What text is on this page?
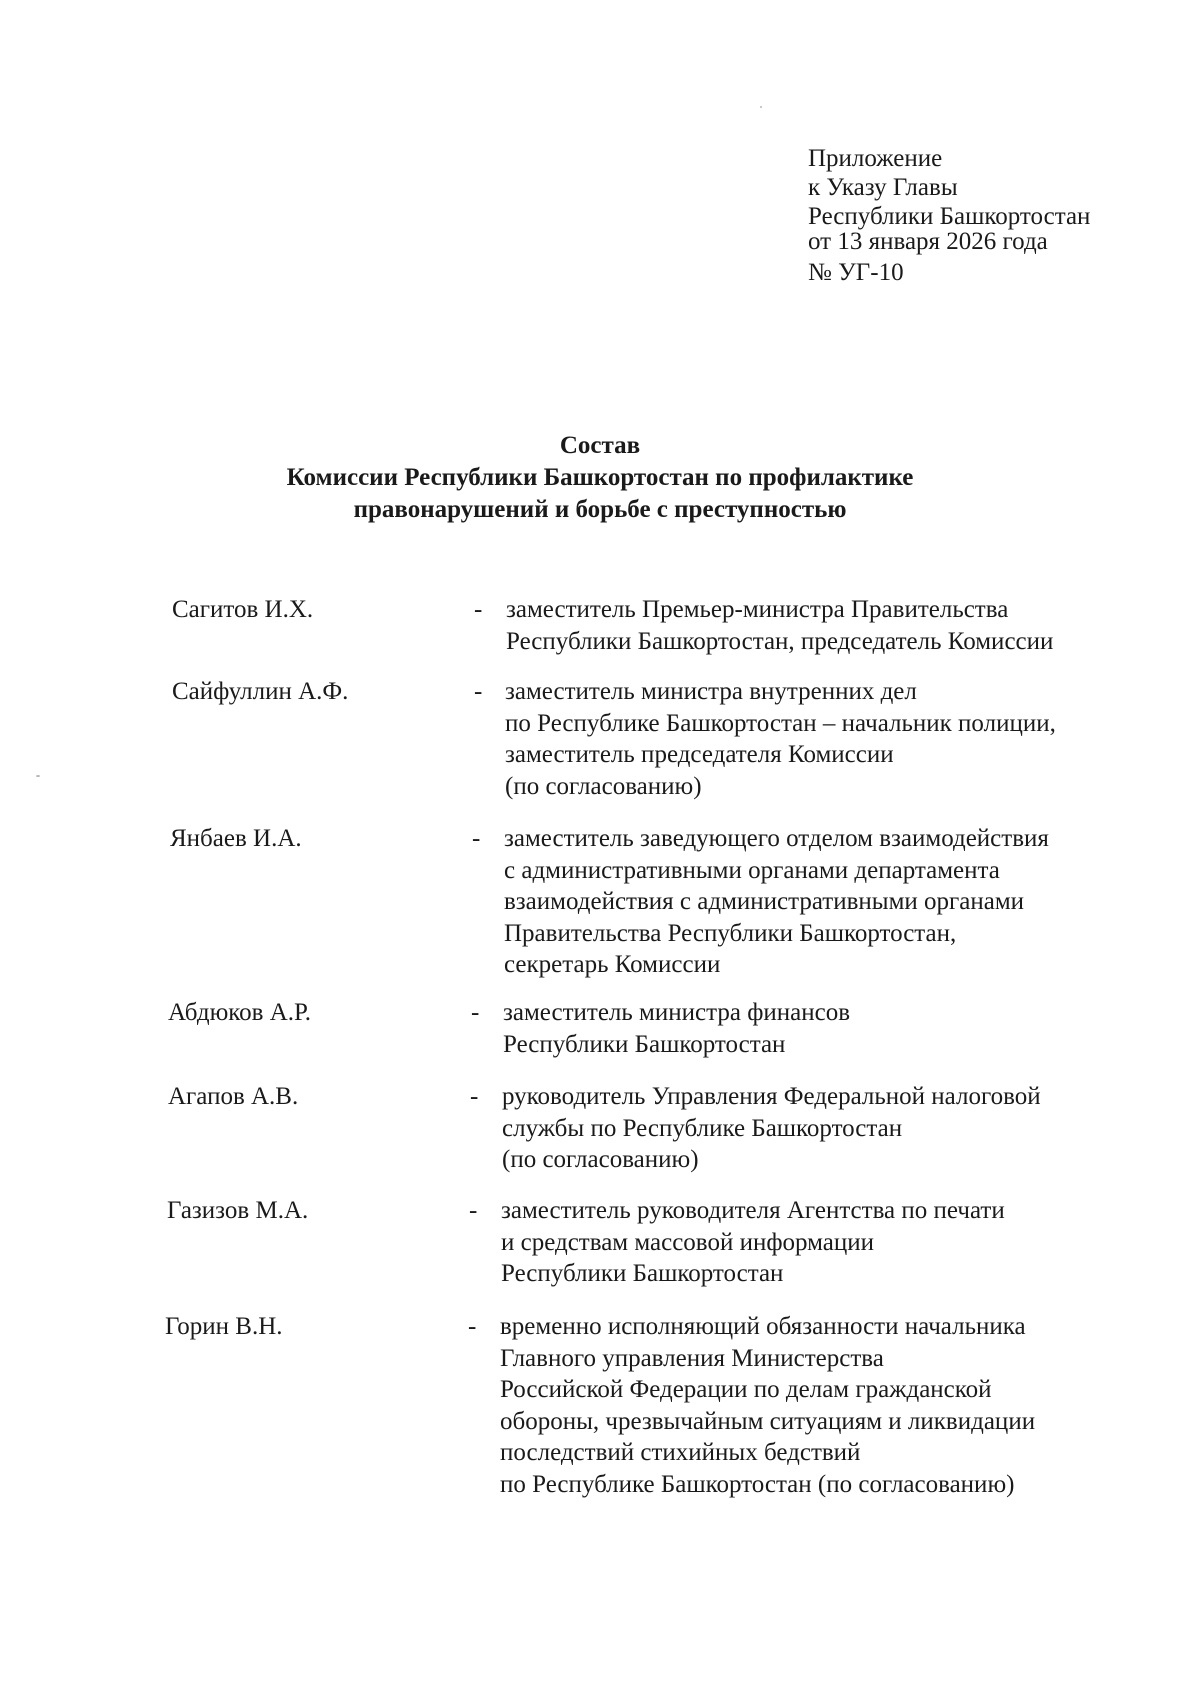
Приложение
к Указу Главы
Республики Башкортостан
от 13 января 2026 года
№ УГ-10
Состав
Комиссии Республики Башкортостан по профилактике
правонарушений и борьбе с преступностью
Сагитов И.Х.	- заместитель Премьер-министра Правительства
Республики Башкортостан, председатель Комиссии
Сайфуллин А.Ф.	- заместитель министра внутренних дел
по Республике Башкортостан – начальник полиции,
заместитель председателя Комиссии
(по согласованию)
Янбаев И.А.	- заместитель заведующего отделом взаимодействия
с административными органами департамента
взаимодействия с административными органами
Правительства Республики Башкортостан,
секретарь Комиссии
Абдюков А.Р.	- заместитель министра финансов
Республики Башкортостан
Агапов А.В.	- руководитель Управления Федеральной налоговой
службы по Республике Башкортостан
(по согласованию)
Газизов М.А.	- заместитель руководителя Агентства по печати
и средствам массовой информации
Республики Башкортостан
Горин В.Н.	- временно исполняющий обязанности начальника
Главного управления Министерства
Российской Федерации по делам гражданской
обороны, чрезвычайным ситуациям и ликвидации
последствий стихийных бедствий
по Республике Башкортостан (по согласованию)
